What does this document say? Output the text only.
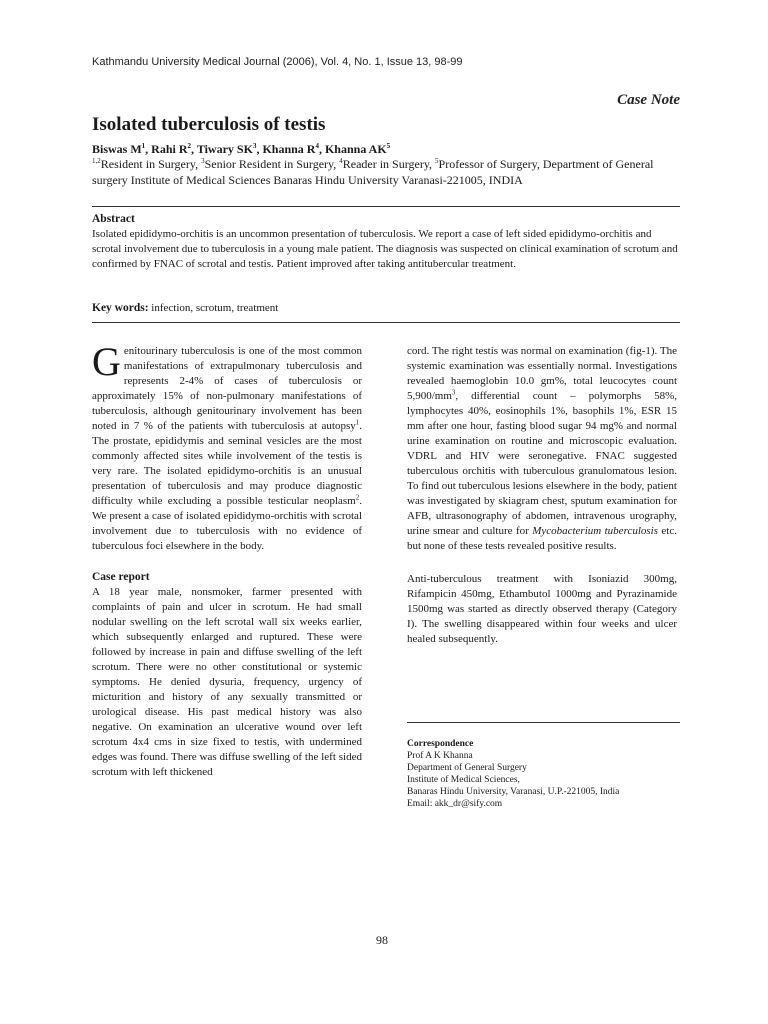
Kathmandu University Medical Journal (2006), Vol. 4, No. 1, Issue 13, 98-99
Case Note
Isolated tuberculosis of testis
Biswas $M^1$, Rahi $R^2$, Tiwary $SK^3$, Khanna $R^4$, Khanna $AK^5$
$^{1,2}$Resident in Surgery, $^3$Senior Resident in Surgery, $^4$Reader in Surgery, $^5$Professor of Surgery, Department of General surgery Institute of Medical Sciences Banaras Hindu University Varanasi-221005, INDIA
Abstract
Isolated epididymo-orchitis is an uncommon presentation of tuberculosis. We report a case of left sided epididymo-orchitis and scrotal involvement due to tuberculosis in a young male patient. The diagnosis was suspected on clinical examination of scrotum and confirmed by FNAC of scrotal and testis. Patient improved after taking antitubercular treatment.
Key words: infection, scrotum, treatment

Genitourinary tuberculosis is one of the most common manifestations of extrapulmonary tuberculosis and represents 2-4% of cases of tuberculosis or approximately 15% of non-pulmonary manifestations of tuberculosis, although genitourinary involvement has been noted in 7 % of the patients with tuberculosis at autopsy$^1$. The prostate, epididymis and seminal vesicles are the most commonly affected sites while involvement of the testis is very rare. The isolated epididymo-orchitis is an unusual presentation of tuberculosis and may produce diagnostic difficulty while excluding a possible testicular neoplasm$^2$. We present a case of isolated epididymo-orchitis with scrotal involvement due to tuberculosis with no evidence of tuberculous foci elsewhere in the body.

Case report

A 18 year male, nonsmoker, farmer presented with complaints of pain and ulcer in scrotum. He had small nodular swelling on the left scrotal wall six weeks earlier, which subsequently enlarged and ruptured. These were followed by increase in pain and diffuse swelling of the left scrotum. There were no other constitutional or systemic symptoms. He denied dysuria, frequency, urgency of micturition and history of any sexually transmitted or urological disease. His past medical history was also negative. On examination an ulcerative wound over left scrotum 4x4 cms in size fixed to testis, with undermined edges was found. There was diffuse swelling of the left sided scrotum with left thickened

cord. The right testis was normal on examination (fig-1). The systemic examination was essentially normal. Investigations revealed haemoglobin 10.0 gm%, total leucocytes count $5,900/mm^3$, differential count – polymorphs 58%, lymphocytes 40%, eosinophils 1%, basophils 1%, ESR 15 mm after one hour, fasting blood sugar 94 mg% and normal urine examination on routine and microscopic evaluation. VDRL and HIV were seronegative. FNAC suggested tuberculous orchitis with tuberculous granulomatous lesion. To find out tuberculous lesions elsewhere in the body, patient was investigated by skiagram chest, sputum examination for AFB, ultrasonography of abdomen, intravenous urography, urine smear and culture for Mycobacterium tuberculosis etc. but none of these tests revealed positive results.

Anti-tuberculous treatment with Isoniazid 300mg, Rifampicin 450mg, Ethambutol 1000mg and Pyrazinamide 1500mg was started as directly observed therapy (Category I). The swelling disappeared within four weeks and ulcer healed subsequently.

Correspondence
Prof A K Khanna
Department of General Surgery
Institute of Medical Sciences,
Banaras Hindu University, Varanasi, U.P.-221005, India
Email: akk_dr@sify.com
98
